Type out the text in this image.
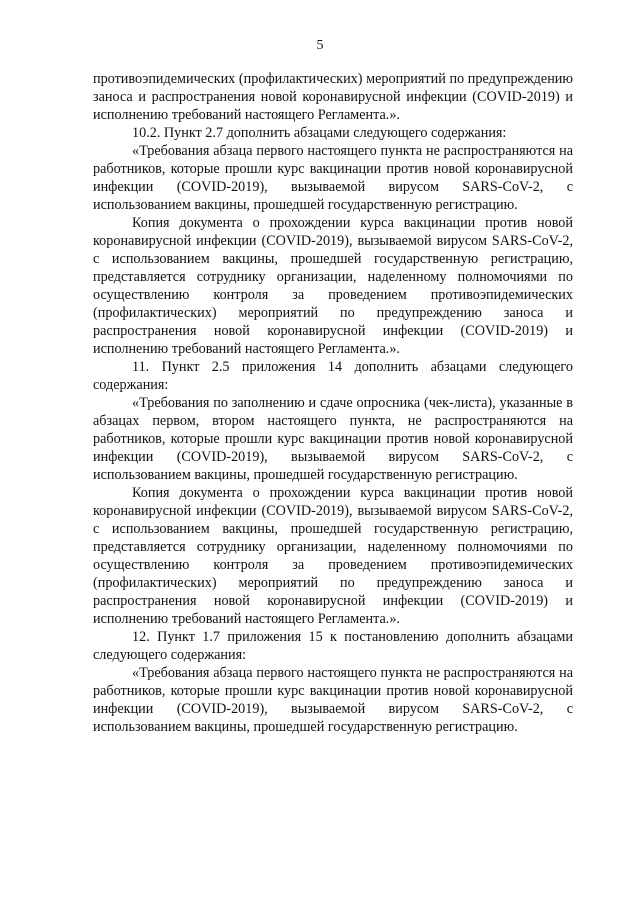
5

противоэпидемических (профилактических) мероприятий по предупреждению заноса и распространения новой коронавирусной инфекции (COVID-2019) и исполнению требований настоящего Регламента.».

10.2. Пункт 2.7 дополнить абзацами следующего содержания:

«Требования абзаца первого настоящего пункта не распространяются на работников, которые прошли курс вакцинации против новой коронавирусной инфекции (COVID-2019), вызываемой вирусом SARS-CoV-2, с использованием вакцины, прошедшей государственную регистрацию.

Копия документа о прохождении курса вакцинации против новой коронавирусной инфекции (COVID-2019), вызываемой вирусом SARS-CoV-2, с использованием вакцины, прошедшей государственную регистрацию, представляется сотруднику организации, наделенному полномочиями по осуществлению контроля за проведением противоэпидемических (профилактических) мероприятий по предупреждению заноса и распространения новой коронавирусной инфекции (COVID-2019) и исполнению требований настоящего Регламента.».

11. Пункт 2.5 приложения 14 дополнить абзацами следующего содержания:

«Требования по заполнению и сдаче опросника (чек-листа), указанные в абзацах первом, втором настоящего пункта, не распространяются на работников, которые прошли курс вакцинации против новой коронавирусной инфекции (COVID-2019), вызываемой вирусом SARS-CoV-2, с использованием вакцины, прошедшей государственную регистрацию.

Копия документа о прохождении курса вакцинации против новой коронавирусной инфекции (COVID-2019), вызываемой вирусом SARS-CoV-2, с использованием вакцины, прошедшей государственную регистрацию, представляется сотруднику организации, наделенному полномочиями по осуществлению контроля за проведением противоэпидемических (профилактических) мероприятий по предупреждению заноса и распространения новой коронавирусной инфекции (COVID-2019) и исполнению требований настоящего Регламента.».

12. Пункт 1.7 приложения 15 к постановлению дополнить абзацами следующего содержания:

«Требования абзаца первого настоящего пункта не распространяются на работников, которые прошли курс вакцинации против новой коронавирусной инфекции (COVID-2019), вызываемой вирусом SARS-CoV-2, с использованием вакцины, прошедшей государственную регистрацию.
